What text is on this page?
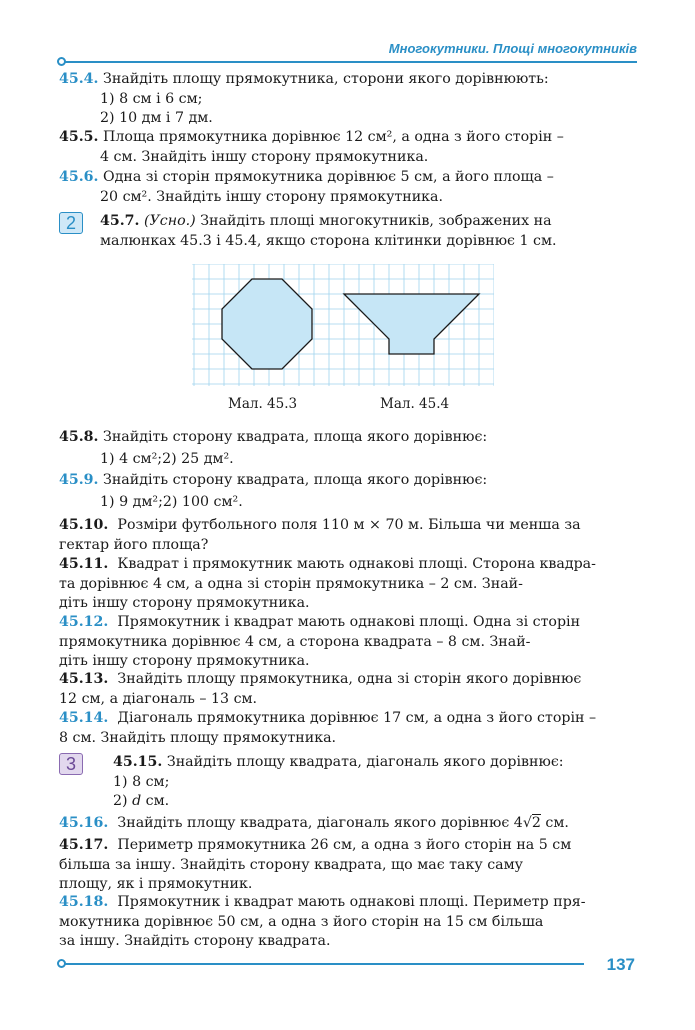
Многокутники. Площі многокутників
45.4. Знайдіть площу прямокутника, сторони якого дорівнюють:
1) 8 см і 6 см;
2) 10 дм і 7 дм.
45.5. Площа прямокутника дорівнює 12 см², а одна з його сторін –
4 см. Знайдіть іншу сторону прямокутника.
45.6. Одна зі сторін прямокутника дорівнює 5 см, а його площа –
20 см². Знайдіть іншу сторону прямокутника.
2	45.7. (Усно.) Знайдіть площі многокутників, зображених на
малюнках 45.3 і 45.4, якщо сторона клітинки дорівнює 1 см.
Мал. 45.3	Мал. 45.4
45.8. Знайдіть сторону квадрата, площа якого дорівнює:
1) 4 см²;2) 25 дм².
45.9. Знайдіть сторону квадрата, площа якого дорівнює:
1) 9 дм²;2) 100 см².
45.10. Розміри футбольного поля 110 м × 70 м. Більша чи менша за
гектар його площа?
45.11. Квадрат і прямокутник мають однакові площі. Сторона квадра-
та дорівнює 4 см, а одна зі сторін прямокутника – 2 см. Знай-
діть іншу сторону прямокутника.
45.12. Прямокутник і квадрат мають однакові площі. Одна зі сторін
прямокутника дорівнює 4 см, а сторона квадрата – 8 см. Знай-
діть іншу сторону прямокутника.
45.13. Знайдіть площу прямокутника, одна зі сторін якого дорівнює
12 см, а діагональ – 13 см.
45.14. Діагональ прямокутника дорівнює 17 см, а одна з його сторін –
8 см. Знайдіть площу прямокутника.
3	45.15. Знайдіть площу квадрата, діагональ якого дорівнює:
1) 8 см;
2) d см.
45.16. Знайдіть площу квадрата, діагональ якого дорівнює 4√2 см.
45.17. Периметр прямокутника 26 см, а одна з його сторін на 5 см
більша за іншу. Знайдіть сторону квадрата, що має таку саму
площу, як і прямокутник.
45.18. Прямокутник і квадрат мають однакові площі. Периметр пря-
мокутника дорівнює 50 см, а одна з його сторін на 15 см більша
за іншу. Знайдіть сторону квадрата.
137
